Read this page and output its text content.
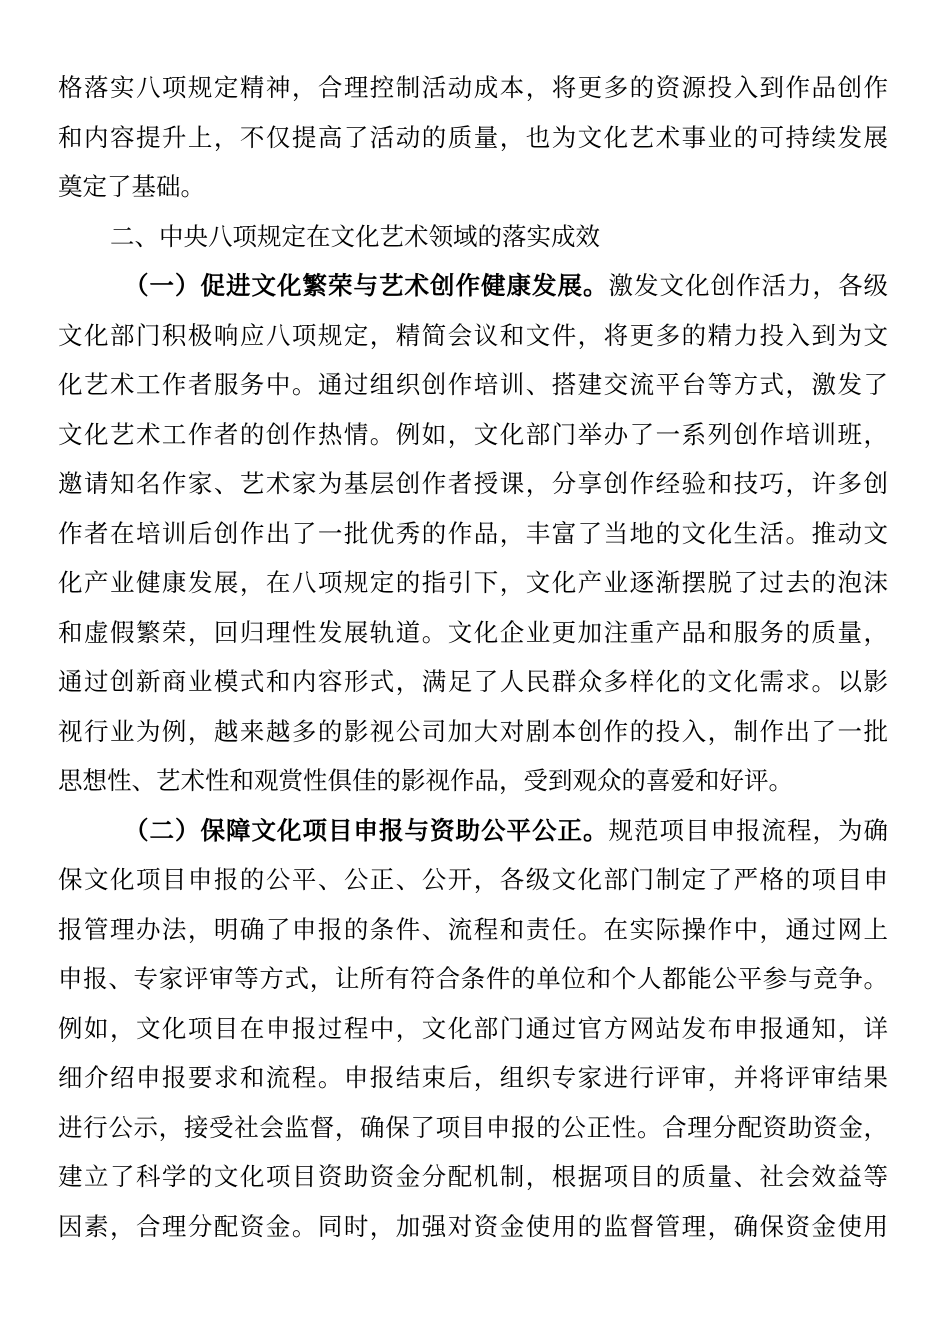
格落实八项规定精神，合理控制活动成本，将更多的资源投入到作品创作
和内容提升上，不仅提高了活动的质量，也为文化艺术事业的可持续发展
奠定了基础。
二、中央八项规定在文化艺术领域的落实成效
（一）促进文化繁荣与艺术创作健康发展。激发文化创作活力，各级
文化部门积极响应八项规定，精简会议和文件，将更多的精力投入到为文
化艺术工作者服务中。通过组织创作培训、搭建交流平台等方式，激发了
文化艺术工作者的创作热情。例如，文化部门举办了一系列创作培训班，
邀请知名作家、艺术家为基层创作者授课，分享创作经验和技巧，许多创
作者在培训后创作出了一批优秀的作品，丰富了当地的文化生活。推动文
化产业健康发展，在八项规定的指引下，文化产业逐渐摆脱了过去的泡沫
和虚假繁荣，回归理性发展轨道。文化企业更加注重产品和服务的质量，
通过创新商业模式和内容形式，满足了人民群众多样化的文化需求。以影
视行业为例，越来越多的影视公司加大对剧本创作的投入，制作出了一批
思想性、艺术性和观赏性俱佳的影视作品，受到观众的喜爱和好评。
（二）保障文化项目申报与资助公平公正。规范项目申报流程，为确
保文化项目申报的公平、公正、公开，各级文化部门制定了严格的项目申
报管理办法，明确了申报的条件、流程和责任。在实际操作中，通过网上
申报、专家评审等方式，让所有符合条件的单位和个人都能公平参与竞争。
例如，文化项目在申报过程中，文化部门通过官方网站发布申报通知，详
细介绍申报要求和流程。申报结束后，组织专家进行评审，并将评审结果
进行公示，接受社会监督，确保了项目申报的公正性。合理分配资助资金，
建立了科学的文化项目资助资金分配机制，根据项目的质量、社会效益等
因素，合理分配资金。同时，加强对资金使用的监督管理，确保资金使用
